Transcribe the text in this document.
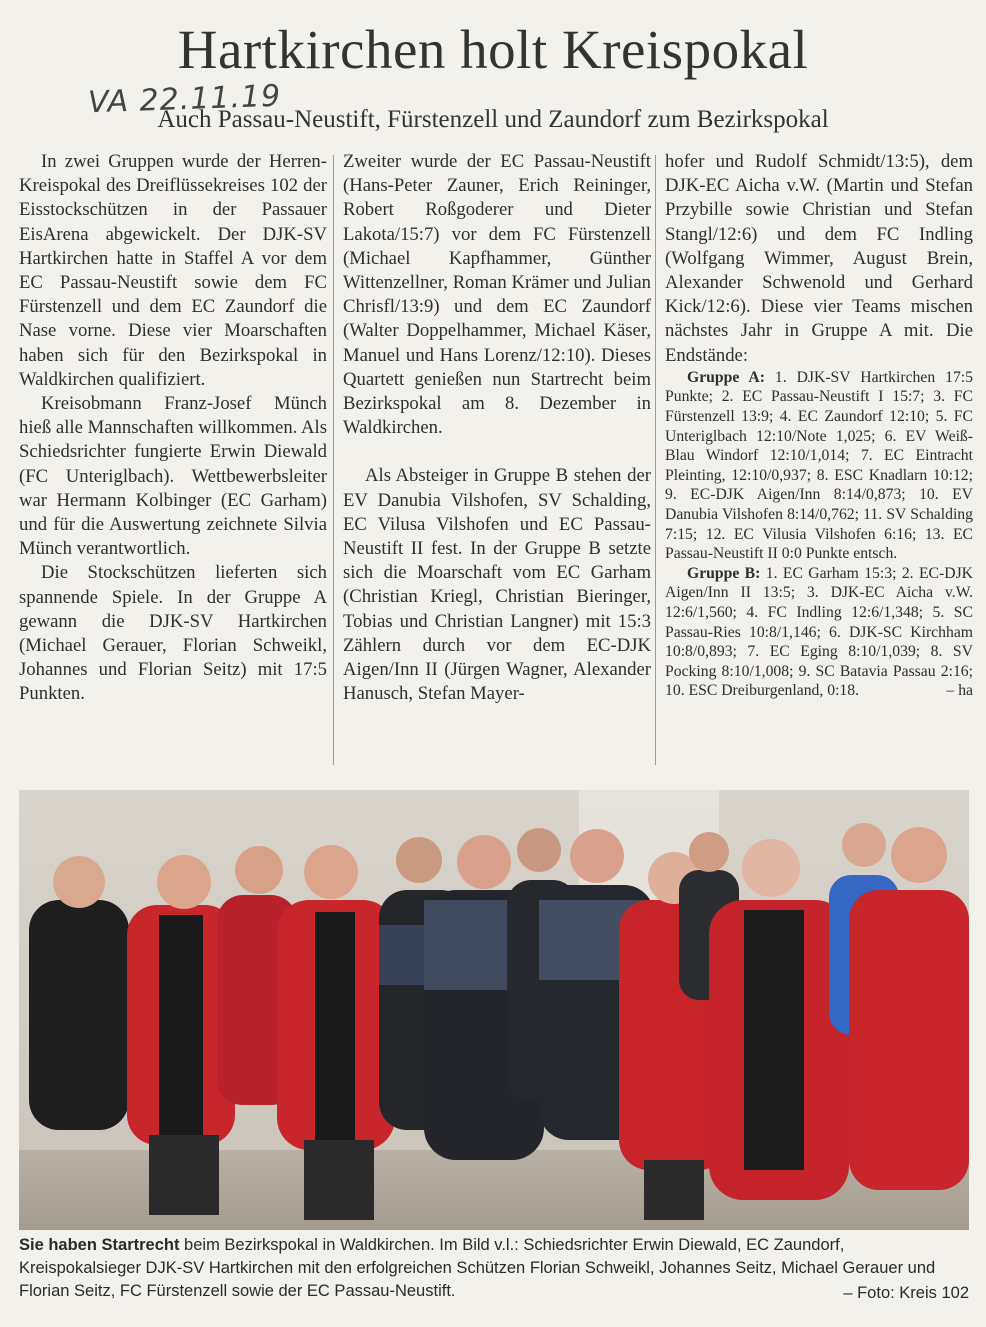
Hartkirchen holt Kreispokal
VA 22.11.19
Auch Passau-Neustift, Fürstenzell und Zaundorf zum Bezirkspokal

In zwei Gruppen wurde der Herren-Kreispokal des Dreiflüssekreises 102 der Eisstockschützen in der Passauer EisArena abgewickelt. Der DJK-SV Hartkirchen hatte in Staffel A vor dem EC Passau-Neustift sowie dem FC Fürstenzell und dem EC Zaundorf die Nase vorne. Diese vier Moarschaften haben sich für den Bezirkspokal in Waldkirchen qualifiziert.

Kreisobmann Franz-Josef Münch hieß alle Mannschaften willkommen. Als Schiedsrichter fungierte Erwin Diewald (FC Unteriglbach). Wettbewerbsleiter war Hermann Kolbinger (EC Garham) und für die Auswertung zeichnete Silvia Münch verantwortlich.

Die Stockschützen lieferten sich spannende Spiele. In der Gruppe A gewann die DJK-SV Hartkirchen (Michael Gerauer, Florian Schweikl, Johannes und Florian Seitz) mit 17:5 Punkten.

Zweiter wurde der EC Passau-Neustift (Hans-Peter Zauner, Erich Reininger, Robert Roßgoderer und Dieter Lakota/15:7) vor dem FC Fürstenzell (Michael Kapfhammer, Günther Wittenzellner, Roman Krämer und Julian Chrisfl/13:9) und dem EC Zaundorf (Walter Doppelhammer, Michael Käser, Manuel und Hans Lorenz/12:10). Dieses Quartett genießen nun Startrecht beim Bezirkspokal am 8. Dezember in Waldkirchen.

Als Absteiger in Gruppe B stehen der EV Danubia Vilshofen, SV Schalding, EC Vilusa Vilshofen und EC Passau-Neustift II fest. In der Gruppe B setzte sich die Moarschaft vom EC Garham (Christian Kriegl, Christian Bieringer, Tobias und Christian Langner) mit 15:3 Zählern durch vor dem EC-DJK Aigen/Inn II (Jürgen Wagner, Alexander Hanusch, Stefan Mayer-

hofer und Rudolf Schmidt/13:5), dem DJK-EC Aicha v.W. (Martin und Stefan Przybille sowie Christian und Stefan Stangl/12:6) und dem FC Indling (Wolfgang Wimmer, August Brein, Alexander Schwenold und Gerhard Kick/12:6). Diese vier Teams mischen nächstes Jahr in Gruppe A mit. Die Endstände:

Gruppe A: 1. DJK-SV Hartkirchen 17:5 Punkte; 2. EC Passau-Neustift I 15:7; 3. FC Fürstenzell 13:9; 4. EC Zaundorf 12:10; 5. FC Unteriglbach 12:10/Note 1,025; 6. EV Weiß-Blau Windorf 12:10/1,014; 7. EC Eintracht Pleinting, 12:10/0,937; 8. ESC Knadlarn 10:12; 9. EC-DJK Aigen/Inn 8:14/0,873; 10. EV Danubia Vilshofen 8:14/0,762; 11. SV Schalding 7:15; 12. EC Vilusia Vilshofen 6:16; 13. EC Passau-Neustift II 0:0 Punkte entsch.
Gruppe B: 1. EC Garham 15:3; 2. EC-DJK Aigen/Inn II 13:5; 3. DJK-EC Aicha v.W. 12:6/1,560; 4. FC Indling 12:6/1,348; 5. SC Passau-Ries 10:8/1,146; 6. DJK-SC Kirchham 10:8/0,893; 7. EC Eging 8:10/1,039; 8. SV Pocking 8:10/1,008; 9. SC Batavia Passau 2:16; 10. ESC Dreiburgenland, 0:18.	– ha
Sie haben Startrecht beim Bezirkspokal in Waldkirchen. Im Bild v.l.: Schiedsrichter Erwin Diewald, EC Zaundorf, Kreispokalsieger DJK-SV Hartkirchen mit den erfolgreichen Schützen Florian Schweikl, Johannes Seitz, Michael Gerauer und Florian Seitz, FC Fürstenzell sowie der EC Passau-Neustift.	– Foto: Kreis 102
